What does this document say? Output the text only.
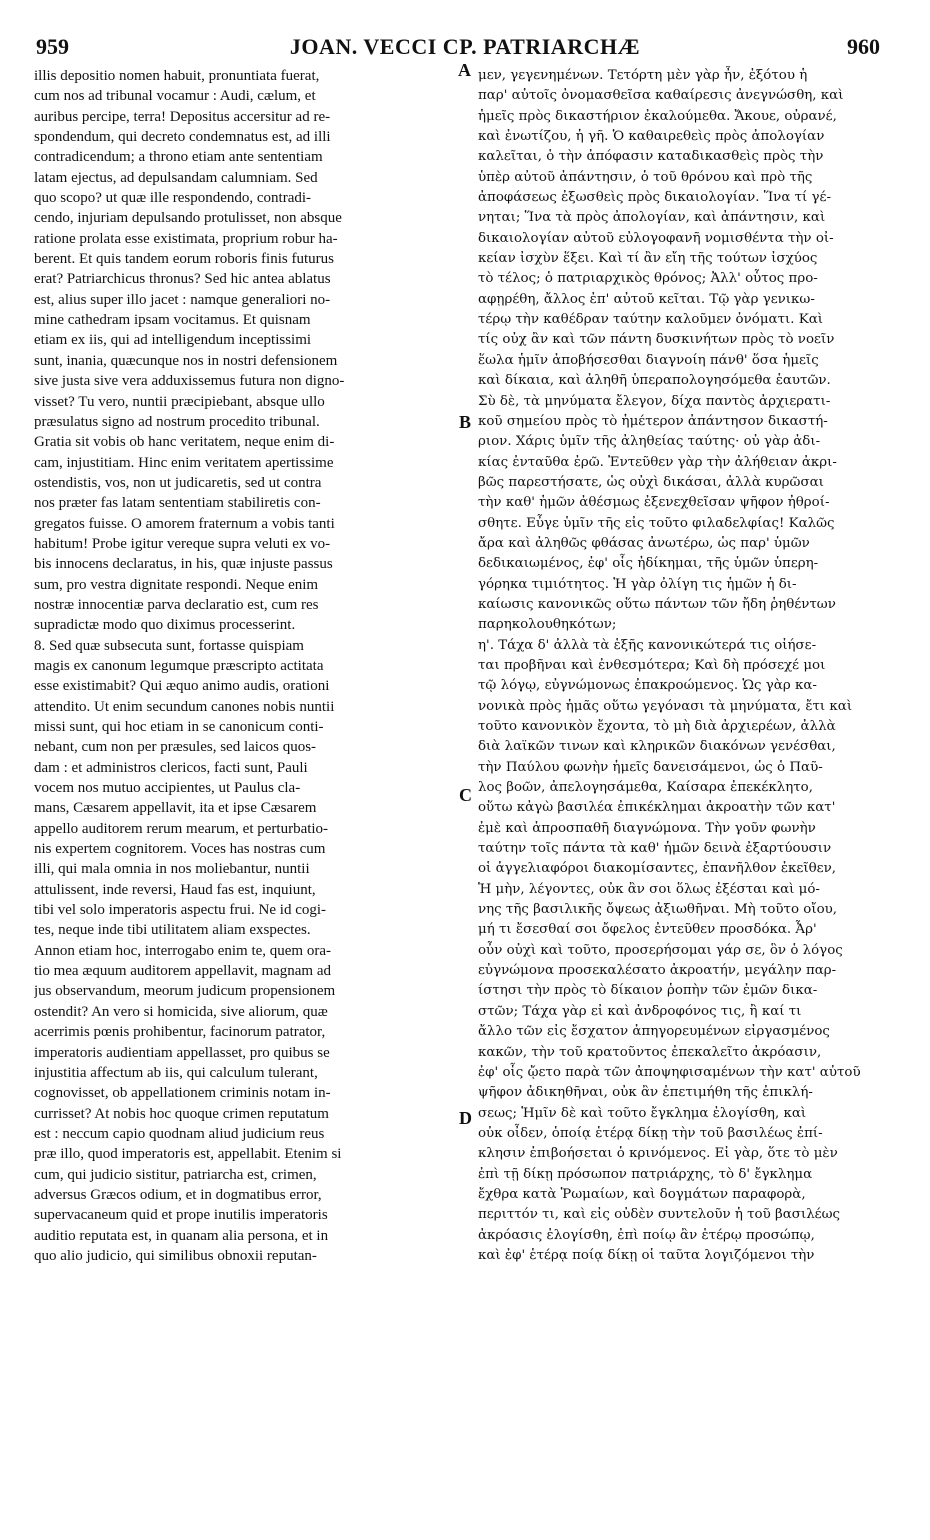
959	JOAN. VECCI CP. PATRIARCHÆ	960
illis depositio nomen habuit, pronuntiata fuerat,
cum nos ad tribunal vocamur : Audi, cælum, et
auribus percipe, terra! Depositus accersitur ad re-
spondendum, qui decreto condemnatus est, ad illi
contradicendum; a throno etiam ante sententiam
latam ejectus, ad depulsandam calumniam. Sed
quo scopo? ut quæ ille respondendo, contradi-
cendo, injuriam depulsando protulisset, non absque
ratione prolata esse existimata, proprium robur ha-
berent. Et quis tandem eorum roboris finis futurus
erat? Patriarchicus thronus? Sed hic antea ablatus
est, alius super illo jacet : namque generaliori no-
mine cathedram ipsam vocitamus. Et quisnam
etiam ex iis, qui ad intelligendum inceptissimi
sunt, inania, quæcunque nos in nostri defensionem
sive justa sive vera adduxissemus futura non digno-
visset? Tu vero, nuntii præcipiebant, absque ullo
præsulatus signo ad nostrum procedito tribunal.
Gratia sit vobis ob hanc veritatem, neque enim di-
cam, injustitiam. Hinc enim veritatem apertissime
ostendistis, vos, non ut judicaretis, sed ut contra
nos præter fas latam sententiam stabiliretis con-
gregatos fuisse. O amorem fraternum a vobis tanti
habitum! Probe igitur vereque supra veluti ex vo-
bis innocens declaratus, in his, quæ injuste passus
sum, pro vestra dignitate respondi. Neque enim
nostræ innocentiæ parva declaratio est, cum res
supradictæ modo quo diximus processerint.
8. Sed quæ subsecuta sunt, fortasse quispiam
magis ex canonum legumque præscripto actitata
esse existimabit? Qui æquo animo audis, orationi
attendito. Ut enim secundum canones nobis nuntii
missi sunt, qui hoc etiam in se canonicum conti-
nebant, cum non per præsules, sed laicos quos-
dam : et administros clericos, facti sunt, Pauli
vocem nos mutuo accipientes, ut Paulus cla-
mans, Cæsarem appellavit, ita et ipse Cæsarem
appello auditorem rerum mearum, et perturbatio-
nis expertem cognitorem. Voces has nostras cum
illi, qui mala omnia in nos moliebantur, nuntii
attulissent, inde reversi, Haud fas est, inquiunt,
tibi vel solo imperatoris aspectu frui. Ne id cogi-
tes, neque inde tibi utilitatem aliam exspectes.
Annon etiam hoc, interrogabo enim te, quem ora-
tio mea æquum auditorem appellavit, magnam ad
jus observandum, meorum judicum propensionem
ostendit? An vero si homicida, sive aliorum, quæ
acerrimis pœnis prohibentur, facinorum patrator,
imperatoris audientiam appellasset, pro quibus se
injustitia affectum ab iis, qui calculum tulerant,
cognovisset, ob appellationem criminis notam in-
currisset? At nobis hoc quoque crimen reputatum
est : neccum capio quodnam aliud judicium reus
præ illo, quod imperatoris est, appellabit. Etenim si
cum, qui judicio sistitur, patriarcha est, crimen,
adversus Græcos odium, et in dogmatibus error,
supervacaneum quid et prope inutilis imperatoris
auditio reputata est, in quanam alia persona, et in
quo alio judicio, qui similibus obnoxii reputan-
μεν, γεγενημένων. Τετόρτη μὲν γὰρ ἦν, ἐξότου ἡ
παρ' αὐτοῖς ὀνομασθεῖσα καθαίρεσις ἀνεγνώσθη, καὶ
ἡμεῖς πρὸς δικαστήριον ἐκαλούμεθα. Ἄκουε, οὐρανέ,
καὶ ἐνωτίζου, ἡ γῆ. Ὁ καθαιρεθεὶς πρὸς ἀπολογίαν
καλεῖται, ὁ τὴν ἀπόφασιν καταδικασθεὶς πρὸς τὴν
ὑπὲρ αὐτοῦ ἀπάντησιν, ὁ τοῦ θρόνου καὶ πρὸ τῆς
ἀποφάσεως ἐξωσθεὶς πρὸς δικαιολογίαν. Ἵνα τί γέ-
νηται; Ἵνα τὰ πρὸς ἀπολογίαν, καὶ ἀπάντησιν, καὶ
δικαιολογίαν αὐτοῦ εὐλογοφανῆ νομισθέντα τὴν οἰ-
κείαν ἰσχὺν ἕξει. Καὶ τί ἂν εἴη τῆς τούτων ἰσχύος
τὸ τέλος; ὁ πατριαρχικὸς θρόνος; Ἀλλ' οὗτος προ-
αφῃρέθη, ἄλλος ἐπ' αὐτοῦ κεῖται. Τῷ γὰρ γενικω-
τέρῳ τὴν καθέδραν ταύτην καλοῦμεν ὀνόματι. Καὶ
τίς οὐχ ἂν καὶ τῶν πάντη δυσκινήτων πρὸς τὸ νοεῖν
ἕωλα ἡμῖν ἀποβήσεσθαι διαγνοίη πάνθ' ὅσα ἡμεῖς
καὶ δίκαια, καὶ ἀληθῆ ὑπεραπολογησόμεθα ἑαυτῶν.
Σὺ δὲ, τὰ μηνύματα ἔλεγον, δίχα παντὸς ἀρχιερατι-
κοῦ σημείου πρὸς τὸ ἡμέτερον ἀπάντησον δικαστή-
ριον. Χάρις ὑμῖν τῆς ἀληθείας ταύτης· οὐ γὰρ ἀδι-
κίας ἐνταῦθα ἐρῶ. Ἐντεῦθεν γὰρ τὴν ἀλήθειαν ἀκρι-
βῶς παρεστήσατε, ὡς οὐχὶ δικάσαι, ἀλλὰ κυρῶσαι
τὴν καθ' ἡμῶν ἀθέσμως ἐξενεχθεῖσαν ψῆφον ἠθροί-
σθητε. Εὖγε ὑμῖν τῆς εἰς τοῦτο φιλαδελφίας! Καλῶς
ἄρα καὶ ἀληθῶς φθάσας ἀνωτέρω, ὡς παρ' ὑμῶν
δεδικαιωμένος, ἐφ' οἷς ἠδίκημαι, τῆς ὑμῶν ὑπερη-
γόρηκα τιμιότητος. Ἡ γὰρ ὀλίγη τις ἡμῶν ἡ δι-
καίωσις κανονικῶς οὕτω πάντων τῶν ἤδη ῥηθέντων
παρηκολουθηκότων;
η'. Τάχα δ' ἀλλὰ τὰ ἑξῆς κανονικώτερά τις οἰήσε-
ται προβῆναι καὶ ἐνθεσμότερα; Καὶ δὴ πρόσεχέ μοι
τῷ λόγῳ, εὐγνώμονως ἐπακροώμενος. Ὡς γὰρ κα-
νονικὰ πρὸς ἡμᾶς οὕτω γεγόνασι τὰ μηνύματα, ἔτι καὶ
τοῦτο κανονικὸν ἔχοντα, τὸ μὴ διὰ ἀρχιερέων, ἀλλὰ
διὰ λαϊκῶν τινων καὶ κληρικῶν διακόνων γενέσθαι,
τὴν Παύλου φωνὴν ἡμεῖς δανεισάμενοι, ὡς ὁ Παῦ-
λος βοῶν, ἀπελογησάμεθα, Καίσαρα ἐπεκέκλητο,
οὕτω κἀγὼ βασιλέα ἐπικέκλημαι ἀκροατὴν τῶν κατ'
ἐμὲ καὶ ἀπροσπαθῆ διαγνώμονα. Τὴν γοῦν φωνὴν
ταύτην τοῖς πάντα τὰ καθ' ἡμῶν δεινὰ ἐξαρτύουσιν
οἱ ἀγγελιαφόροι διακομίσαντες, ἐπανῆλθον ἐκεῖθεν,
Ἡ μὴν, λέγοντες, οὐκ ἂν σοι ὅλως ἐξέσται καὶ μό-
νης τῆς βασιλικῆς ὄψεως ἀξιωθῆναι. Μὴ τοῦτο οἴου,
μή τι ἔσεσθαί σοι ὄφελος ἐντεῦθεν προσδόκα. Ἆρ'
οὖν οὐχὶ καὶ τοῦτο, προσερήσομαι γάρ σε, ὃν ὁ λόγος
εὐγνώμονα προσεκαλέσατο ἀκροατήν, μεγάλην παρ-
ίστησι τὴν πρὸς τὸ δίκαιον ῥοπὴν τῶν ἐμῶν δικα-
στῶν; Τάχα γὰρ εἰ καὶ ἀνδροφόνος τις, ἢ καί τι
ἄλλο τῶν εἰς ἔσχατον ἀπηγορευμένων εἰργασμένος
κακῶν, τὴν τοῦ κρατοῦντος ἐπεκαλεῖτο ἀκρόασιν,
ἐφ' οἷς ᾤετο παρὰ τῶν ἀποψηφισαμένων τὴν κατ' αὐτοῦ
ψῆφον ἀδικηθῆναι, οὐκ ἂν ἐπετιμήθη τῆς ἐπικλή-
σεως; Ἡμῖν δὲ καὶ τοῦτο ἔγκλημα ἐλογίσθη, καὶ
οὐκ οἶδεν, ὁποίᾳ ἑτέρᾳ δίκῃ τὴν τοῦ βασιλέως ἐπί-
κλησιν ἐπιβοήσεται ὁ κρινόμενος. Εἰ γὰρ, ὅτε τὸ μὲν
ἐπὶ τῇ δίκῃ πρόσωπον πατριάρχης, τὸ δ' ἔγκλημα
ἔχθρα κατὰ Ῥωμαίων, καὶ δογμάτων παραφορὰ,
περιττόν τι, καὶ εἰς οὐδὲν συντελοῦν ἡ τοῦ βασιλέως
ἀκρόασις ἐλογίσθη, ἐπὶ ποίῳ ἂν ἑτέρῳ προσώπῳ,
καὶ ἐφ' ἑτέρᾳ ποίᾳ δίκῃ οἱ ταῦτα λογιζόμενοι τὴν
A
B
C
D
